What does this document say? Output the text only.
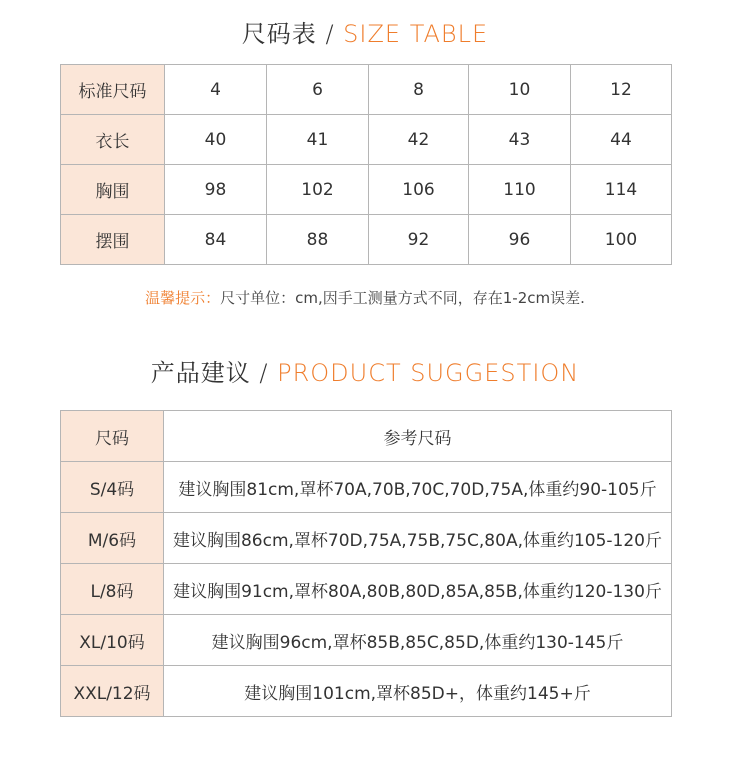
尺码表 / SIZE TABLE
标准尺码	4	6	8	10	12
衣长	40	41	42	43	44
胸围	98	102	106	110	114
摆围	84	88	92	96	100
温馨提示：尺寸单位：cm,因手工测量方式不同，存在1-2cm误差.
产品建议 / PRODUCT SUGGESTION
尺码	参考尺码
S/4码	建议胸围81cm,罩杯70A,70B,70C,70D,75A,体重约90-105斤
M/6码	建议胸围86cm,罩杯70D,75A,75B,75C,80A,体重约105-120斤
L/8码	建议胸围91cm,罩杯80A,80B,80D,85A,85B,体重约120-130斤
XL/10码	建议胸围96cm,罩杯85B,85C,85D,体重约130-145斤
XXL/12码	建议胸围101cm,罩杯85D+，体重约145+斤
